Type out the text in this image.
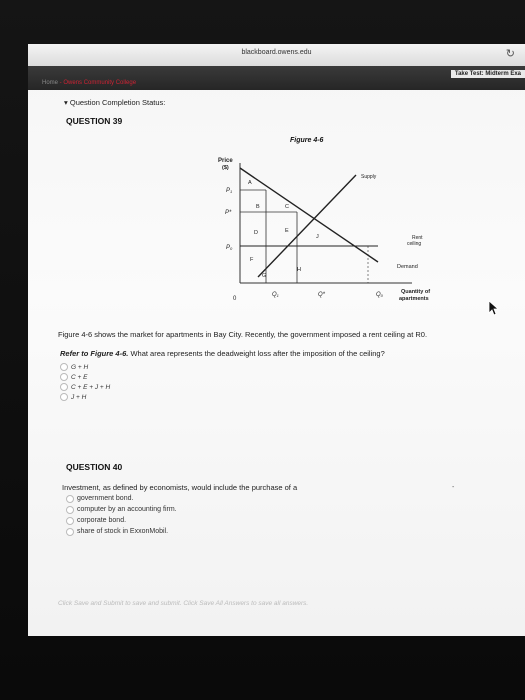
blackboard.owens.edu	↻
Home - Owens Community College
Take Test: Midterm Exa
▾ Question Completion Status:
QUESTION 39
Figure 4-6
Price
($)
Quantity of
apartments
Supply
Demand
Rent
ceiling
P1
P*
P0
0
Q1	Q*	Q0
A
B	C
D	E
F
G
H
J
Figure 4-6 shows the market for apartments in Bay City. Recently, the government imposed a rent ceiling at R0.
Refer to Figure 4-6. What area represents the deadweight loss after the imposition of the ceiling?
G + H
C + E
C + E + J + H
J + H
QUESTION 40
Investment, as defined by economists, would include the purchase of a	-
government bond.
computer by an accounting firm.
corporate bond.
share of stock in ExxonMobil.
Click Save and Submit to save and submit. Click Save All Answers to save all answers.
